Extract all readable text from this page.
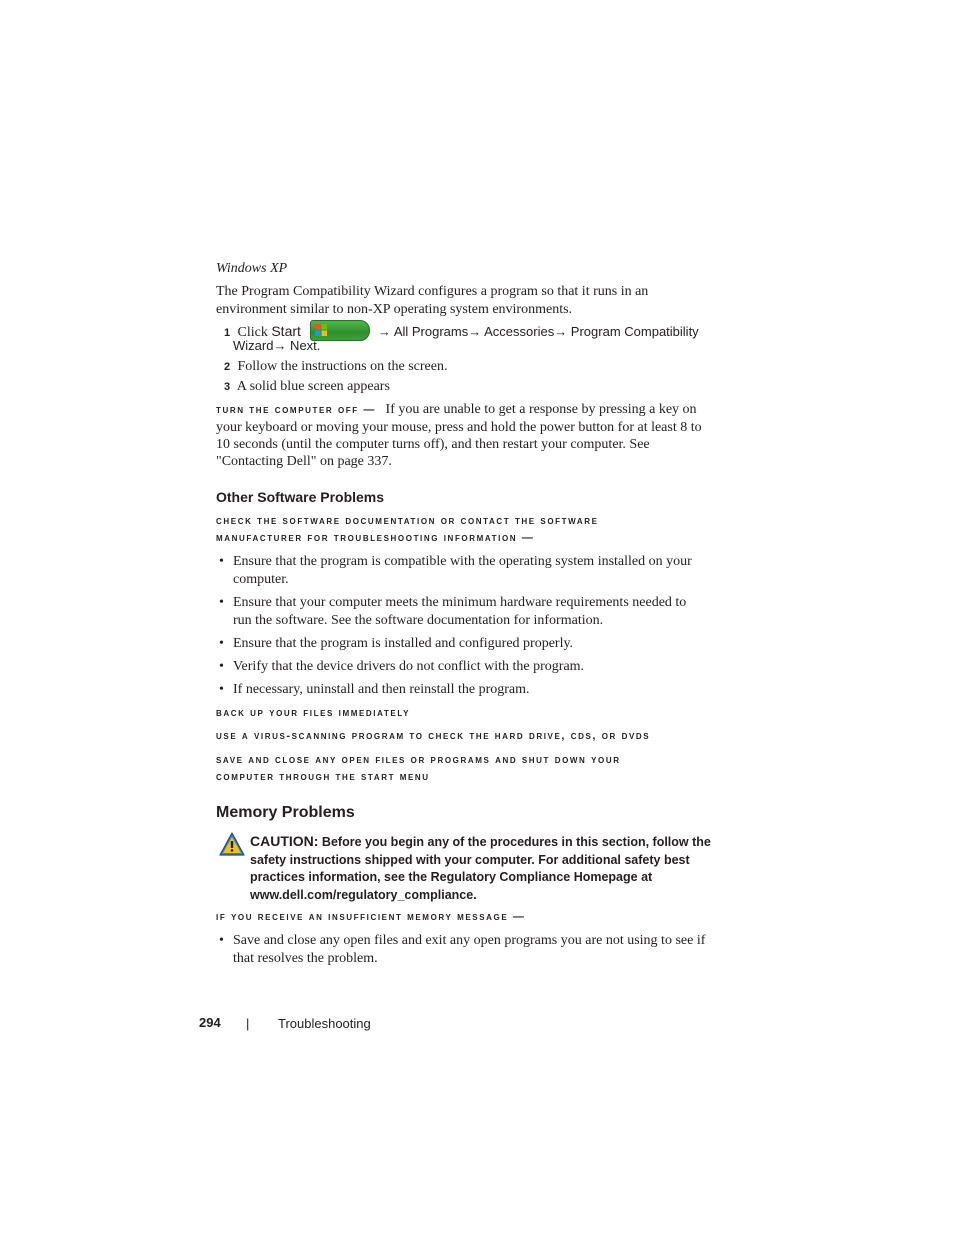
Windows XP
The Program Compatibility Wizard configures a program so that it runs in an environment similar to non-XP operating system environments.
1 Click Start	→ All Programs→ Accessories→ Program Compatibility
Wizard→ Next.
2 Follow the instructions on the screen.
3 A solid blue screen appears
turn the computer off — If you are unable to get a response by pressing a key on
your keyboard or moving your mouse, press and hold the power button for at least 8 to
10 seconds (until the computer turns off), and then restart your computer. See
"Contacting Dell" on page 337.
Other Software Problems
check the software documentation or contact the software
manufacturer for troubleshooting information —
• Ensure that the program is compatible with the operating system installed on your
computer.
• Ensure that your computer meets the minimum hardware requirements needed to
run the software. See the software documentation for information.
• Ensure that the program is installed and configured properly.
• Verify that the device drivers do not conflict with the program.
• If necessary, uninstall and then reinstall the program.
back up your files immediately
use a virus-scanning program to check the hard drive, cds, or dvds
save and close any open files or programs and shut down your
computer through the start menu
Memory Problems
CAUTION: Before you begin any of the procedures in this section, follow the
safety instructions shipped with your computer. For additional safety best
practices information, see the Regulatory Compliance Homepage at
www.dell.com/regulatory_compliance.
if you receive an insufficient memory message —
• Save and close any open files and exit any open programs you are not using to see if
that resolves the problem.
294 | Troubleshooting
